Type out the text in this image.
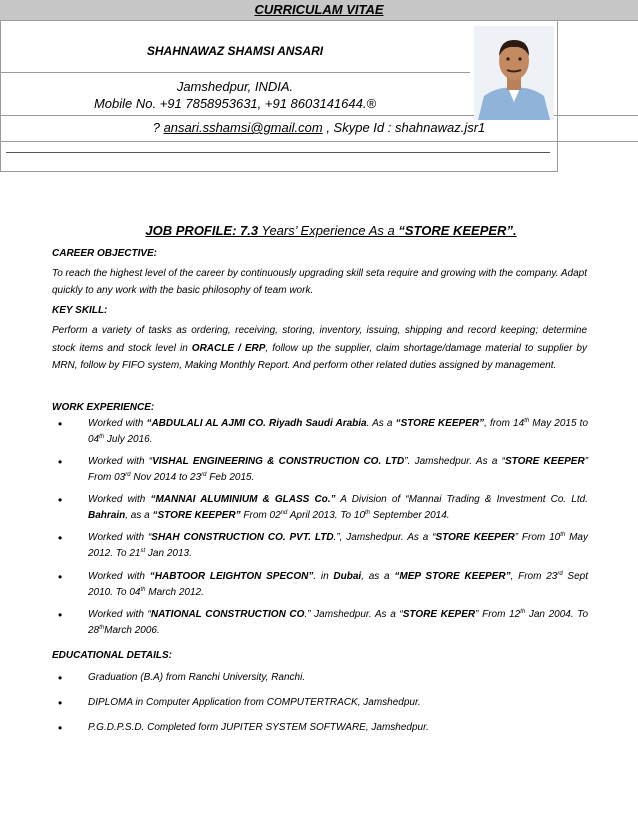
CURRICULAM VITAE
SHAHNAWAZ SHAMSI ANSARI
Jamshedpur, INDIA.
Mobile No. +91 7858953631, +91 8603141644.®
? ansari.sshamsi@gmail.com , Skype Id : shahnawaz.jsr1
JOB PROFILE: 7.3 Years’ Experience As a “STORE KEEPER”.
CAREER OBJECTIVE:
To reach the highest level of the career by continuously upgrading skill seta require and growing with the company. Adapt quickly to any work with the basic philosophy of team work.
KEY SKILL:
Perform a variety of tasks as ordering, receiving, storing, inventory, issuing, shipping and record keeping; determine stock items and stock level in ORACLE / ERP, follow up the supplier, claim shortage/damage material to supplier by MRN, follow by FIFO system, Making Monthly Report. And perform other related duties assigned by management.
WORK EXPERIENCE:
•	Worked with “ABDULALI AL AJMI CO. Riyadh Saudi Arabia. As a “STORE KEEPER”, from 14th May 2015 to 04th July 2016.
•	Worked with “VISHAL ENGINEERING & CONSTRUCTION CO. LTD”. Jamshedpur. As a “STORE KEEPER” From 03rd Nov 2014 to 23rd Feb 2015.
•	Worked with “MANNAI ALUMINIUM & GLASS Co.” A Division of “Mannai Trading & Investment Co. Ltd. Bahrain, as a “STORE KEEPER” From 02nd April 2013. To 10th September 2014.
•	Worked with “SHAH CONSTRUCTION CO. PVT. LTD.”, Jamshedpur. As a “STORE KEEPER” From 10th May 2012. To 21st Jan 2013.
•	Worked with “HABTOOR LEIGHTON SPECON”. in Dubai, as a “MEP STORE KEEPER”, From 23rd Sept 2010. To 04th March 2012.
•	Worked with “NATIONAL CONSTRUCTION CO.” Jamshedpur. As a “STORE KEPER” From 12th Jan 2004. To 28thMarch 2006.
EDUCATIONAL DETAILS:
•	Graduation (B.A) from Ranchi University, Ranchi.
•	DIPLOMA in Computer Application from COMPUTERTRACK, Jamshedpur.
•	P.G.D.P.S.D. Completed form JUPITER SYSTEM SOFTWARE, Jamshedpur.
